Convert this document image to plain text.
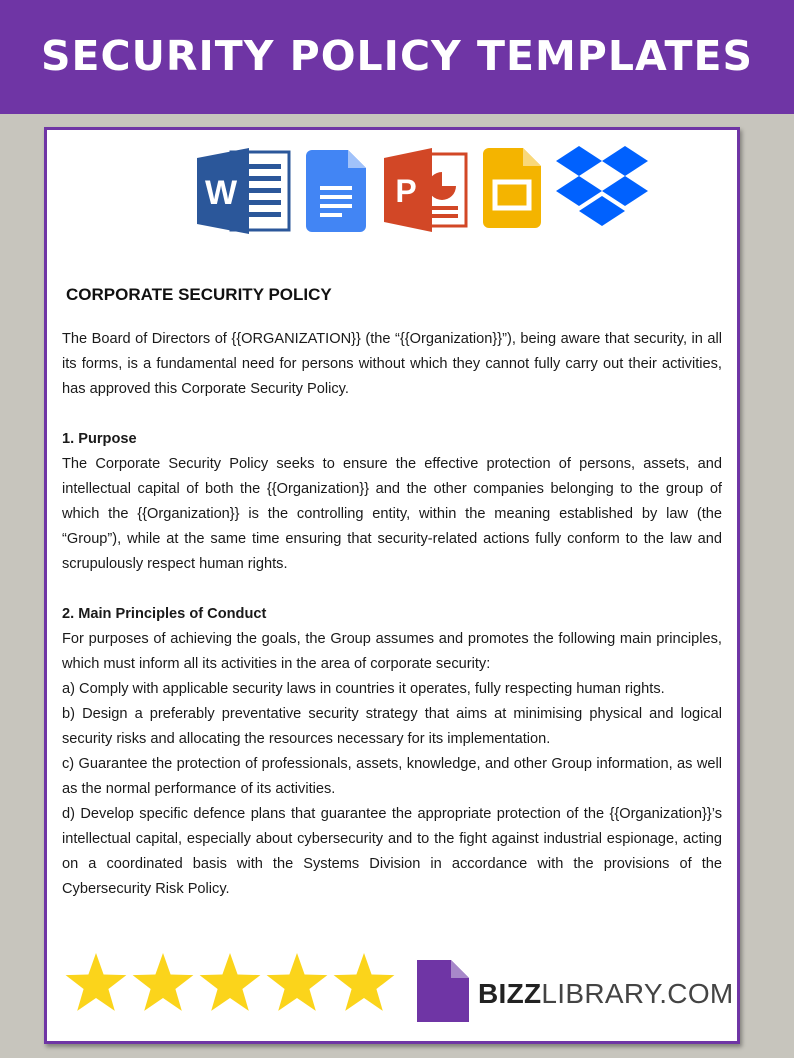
SECURITY POLICY TEMPLATES
W	P
CORPORATE SECURITY POLICY

The Board of Directors of {{ORGANIZATION}} (the “{{Organization}}”), being aware that security, in all its forms, is a fundamental need for persons without which they cannot fully carry out their activities, has approved this Corporate Security Policy.

1. Purpose

The Corporate Security Policy seeks to ensure the effective protection of persons, assets, and intellectual capital of both the {{Organization}} and the other companies belonging to the group of which the {{Organization}} is the controlling entity, within the meaning established by law (the “Group”), while at the same time ensuring that security-related actions fully conform to the law and scrupulously respect human rights.

2. Main Principles of Conduct

For purposes of achieving the goals, the Group assumes and promotes the following main principles, which must inform all its activities in the area of corporate security:

a) Comply with applicable security laws in countries it operates, fully respecting human rights.

b) Design a preferably preventative security strategy that aims at minimising physical and logical security risks and allocating the resources necessary for its implementation.

c) Guarantee the protection of professionals, assets, knowledge, and other Group information, as well as the normal performance of its activities.

d) Develop specific defence plans that guarantee the appropriate protection of the {{Organization}}’s intellectual capital, especially about cybersecurity and to the fight against industrial espionage, acting on a coordinated basis with the Systems Division in accordance with the provisions of the Cybersecurity Risk Policy.

BIZZLIBRARY.COM
